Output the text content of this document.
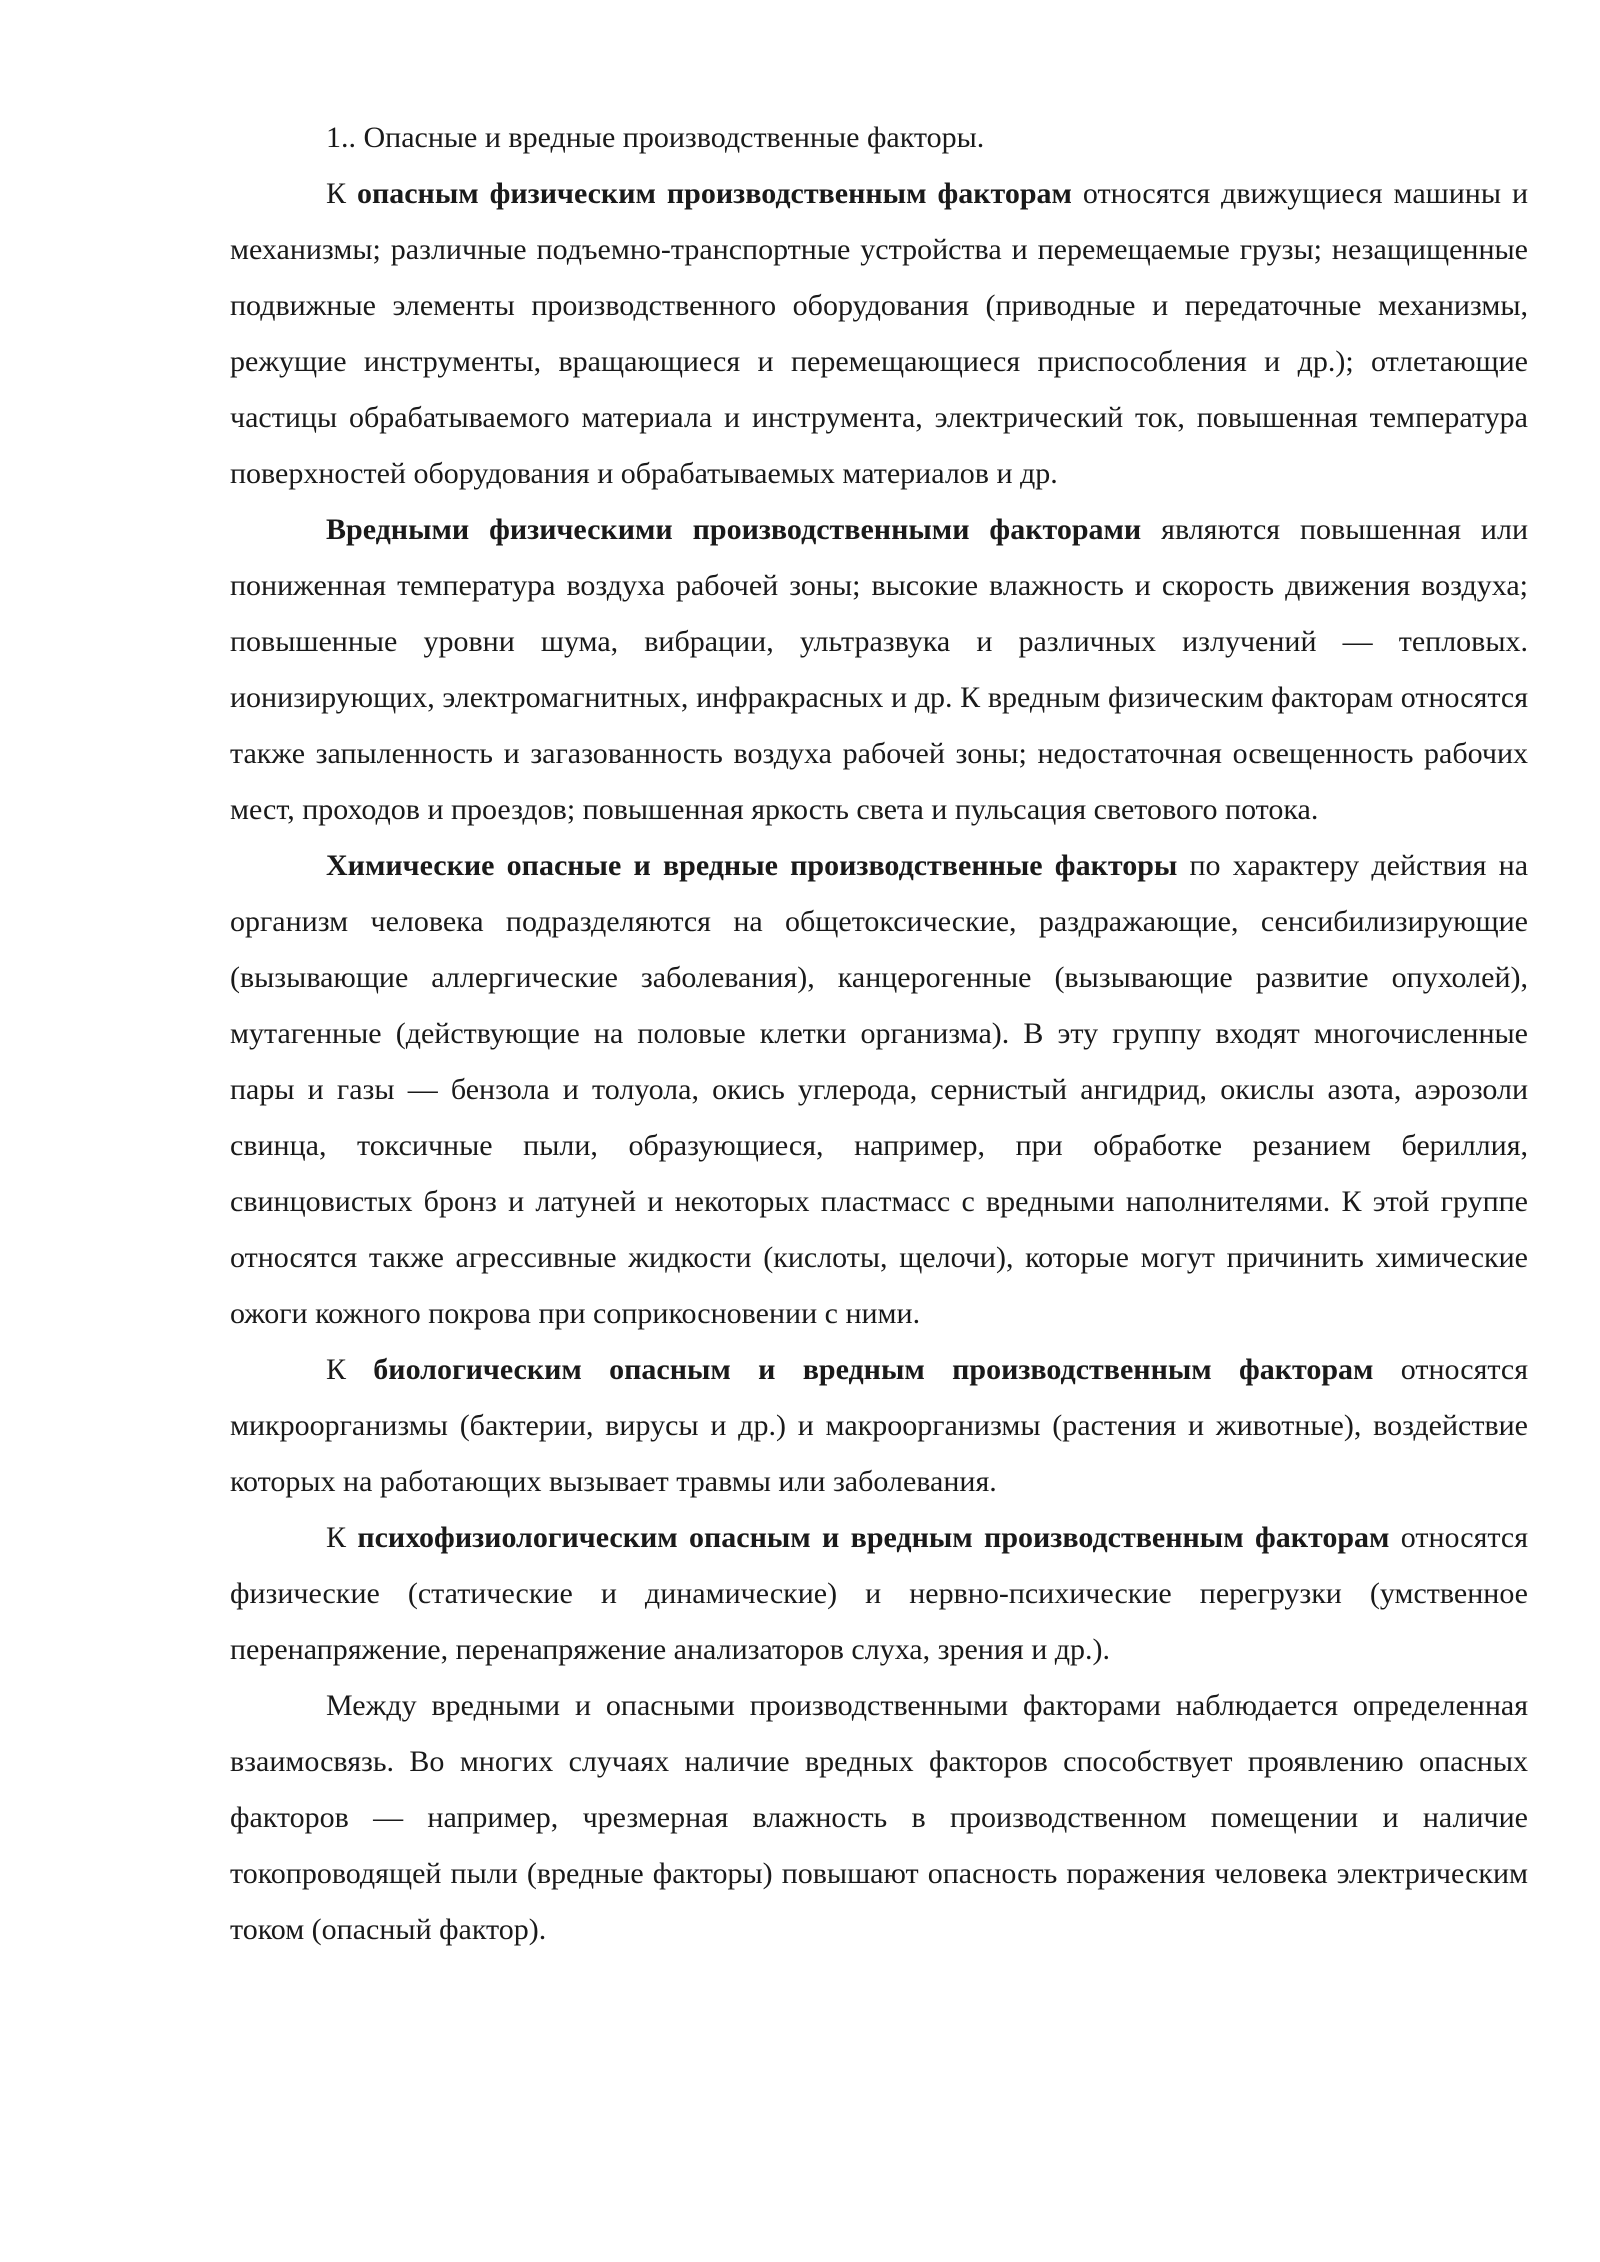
1.. Опасные и вредные производственные факторы.

К опасным физическим производственным факторам относятся движущиеся машины и механизмы; различные подъемно-транспортные устройства и перемещаемые грузы; незащищенные подвижные элементы производственного оборудования (приводные и передаточные механизмы, режущие инструменты, вращающиеся и перемещающиеся приспособления и др.); отлетающие частицы обрабатываемого материала и инструмента, электрический ток, повышенная температура поверхностей оборудования и обрабатываемых материалов и др.

Вредными физическими производственными факторами являются повышенная или пониженная температура воздуха рабочей зоны; высокие влажность и скорость движения воздуха; повышенные уровни шума, вибрации, ультразвука и различных излучений — тепловых. ионизирующих, электромагнитных, инфракрасных и др. К вредным физическим факторам относятся также запыленность и загазованность воздуха рабочей зоны; недостаточная освещенность рабочих мест, проходов и проездов; повышенная яркость света и пульсация светового потока.

Химические опасные и вредные производственные факторы по характеру действия на организм человека подразделяются на общетоксические, раздражающие, сенсибилизирующие (вызывающие аллергические заболевания), канцерогенные (вызывающие развитие опухолей), мутагенные (действующие на половые клетки организма). В эту группу входят многочисленные пары и газы — бензола и толуола, окись углерода, сернистый ангидрид, окислы азота, аэрозоли свинца, токсичные пыли, образующиеся, например, при обработке резанием бериллия, свинцовистых бронз и латуней и некоторых пластмасс с вредными наполнителями. К этой группе относятся также агрессивные жидкости (кислоты, щелочи), которые могут причинить химические ожоги кожного покрова при соприкосновении с ними.

К биологическим опасным и вредным производственным факторам относятся микроорганизмы (бактерии, вирусы и др.) и макроорганизмы (растения и животные), воздействие которых на работающих вызывает травмы или заболевания.

К психофизиологическим опасным и вредным производственным факторам относятся физические (статические и динамические) и нервно-психические перегрузки (умственное перенапряжение, перенапряжение анализаторов слуха, зрения и др.).

Между вредными и опасными производственными факторами наблюдается определенная взаимосвязь. Во многих случаях наличие вредных факторов способствует проявлению опасных факторов — например, чрезмерная влажность в производственном помещении и наличие токопроводящей пыли (вредные факторы) повышают опасность поражения человека электрическим током (опасный фактор).
